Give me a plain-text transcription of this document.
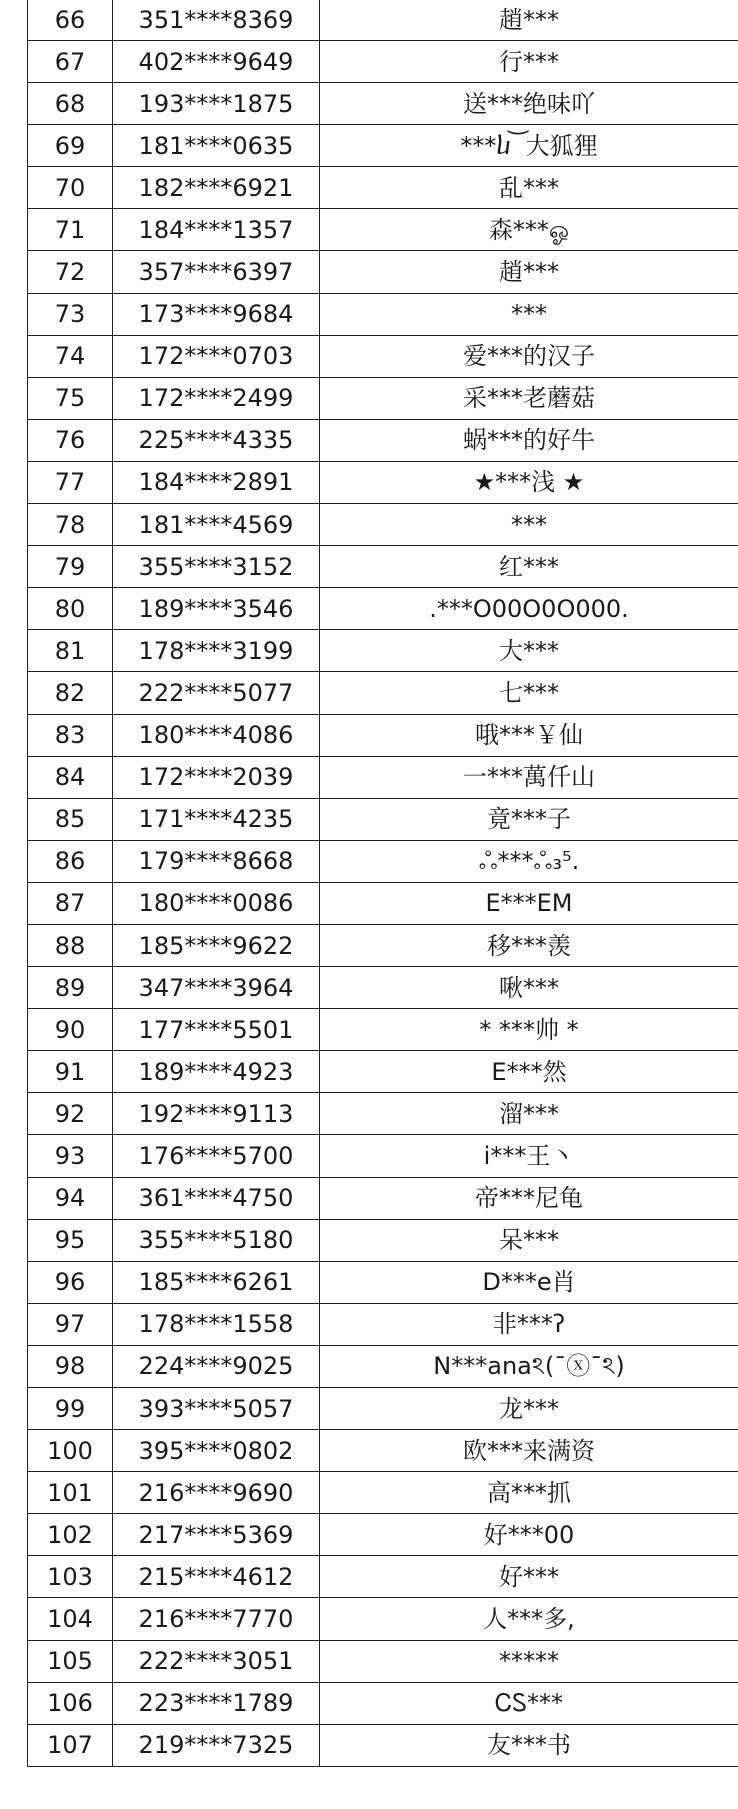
66	351****8369	趙***
67	402****9649	行***
68	193****1875	送***绝味吖
69	181****0635	***ⴑ ͝ 大狐狸
70	182****6921	乱***
71	184****1357	森***ஓ
72	357****6397	趙***
73	173****9684	***
74	172****0703	爱***的汉子
75	172****2499	采***老蘑菇
76	225****4335	蜗***的好牛
77	184****2891	★***浅 ★
78	181****4569	***
79	355****3152	红***
80	189****3546	.***O00O0O000.
81	178****3199	大***
82	222****5077	七***
83	180****4086	哦***￥仙
84	172****2039	一***萬仟山
85	171****4235	竟***子
86	179****8668	ஃ***ஃ₃⁵.
87	180****0086	E***EM
88	185****9622	移***羡
89	347****3964	啾***
90	177****5501	* ***帅 *
91	189****4923	E***然
92	192****9113	溜***
93	176****5700	i***王丶
94	361****4750	帝***尼龟
95	355****5180	呆***
96	185****6261	D***e肖
97	178****1558	非***ʔ
98	224****9025	N***anaঽ(¯ⓧ¯ঽ)
99	393****5057	龙***
100	395****0802	欧***来满资
101	216****9690	高***抓
102	217****5369	好***00
103	215****4612	好***
104	216****7770	人***多,
105	222****3051	*****
106	223****1789	ᏟᏚ***
107	219****7325	友***书
